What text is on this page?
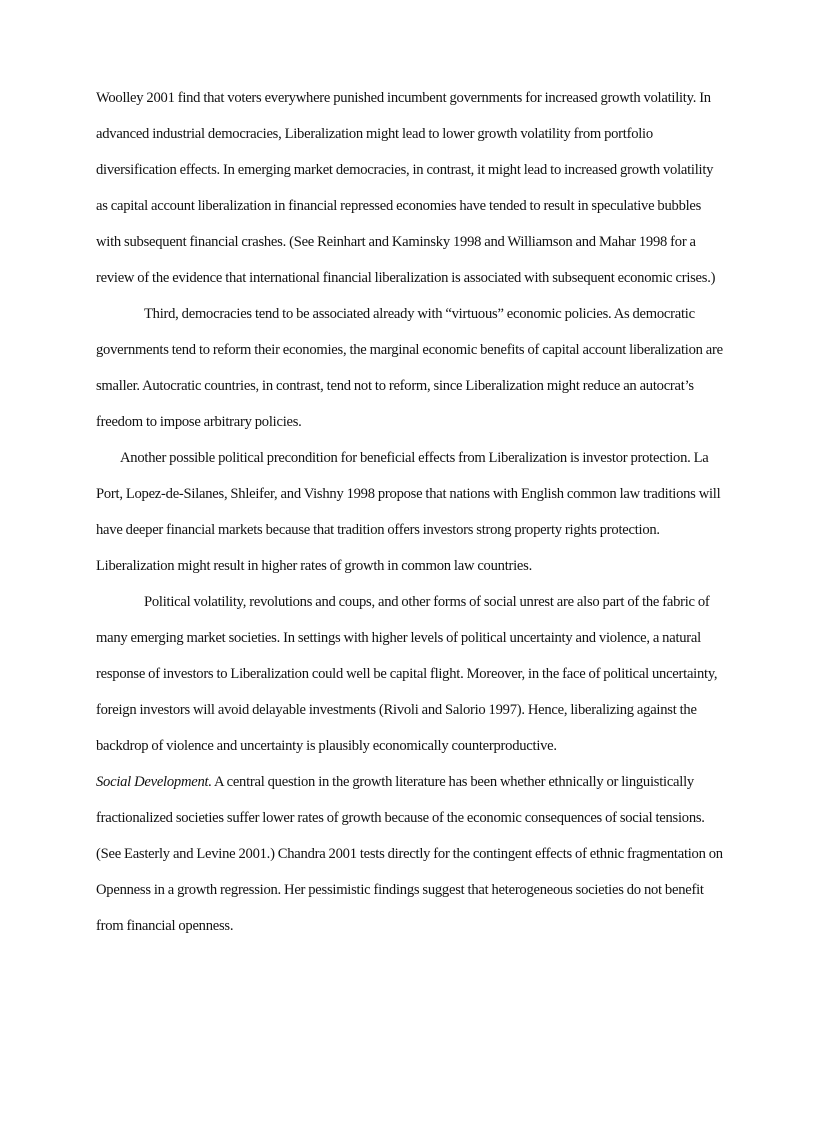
Woolley 2001 find that voters everywhere punished incumbent governments for increased growth volatility. In advanced industrial democracies, Liberalization might lead to lower growth volatility from portfolio diversification effects. In emerging market democracies, in contrast, it might lead to increased growth volatility as capital account liberalization in financial repressed economies have tended to result in speculative bubbles with subsequent financial crashes. (See Reinhart and Kaminsky 1998 and Williamson and Mahar 1998 for a review of the evidence that international financial liberalization is associated with subsequent economic crises.)

Third, democracies tend to be associated already with “virtuous” economic policies. As democratic governments tend to reform their economies, the marginal economic benefits of capital account liberalization are smaller. Autocratic countries, in contrast, tend not to reform, since Liberalization might reduce an autocrat’s freedom to impose arbitrary policies.

Another possible political precondition for beneficial effects from Liberalization is investor protection. La Port, Lopez-de-Silanes, Shleifer, and Vishny 1998 propose that nations with English common law traditions will have deeper financial markets because that tradition offers investors strong property rights protection. Liberalization might result in higher rates of growth in common law countries.

Political volatility, revolutions and coups, and other forms of social unrest are also part of the fabric of many emerging market societies. In settings with higher levels of political uncertainty and violence, a natural response of investors to Liberalization could well be capital flight. Moreover, in the face of political uncertainty, foreign investors will avoid delayable investments (Rivoli and Salorio 1997). Hence, liberalizing against the backdrop of violence and uncertainty is plausibly economically counterproductive.

Social Development. A central question in the growth literature has been whether ethnically or linguistically fractionalized societies suffer lower rates of growth because of the economic consequences of social tensions. (See Easterly and Levine 2001.) Chandra 2001 tests directly for the contingent effects of ethnic fragmentation on Openness in a growth regression. Her pessimistic findings suggest that heterogeneous societies do not benefit from financial openness.
